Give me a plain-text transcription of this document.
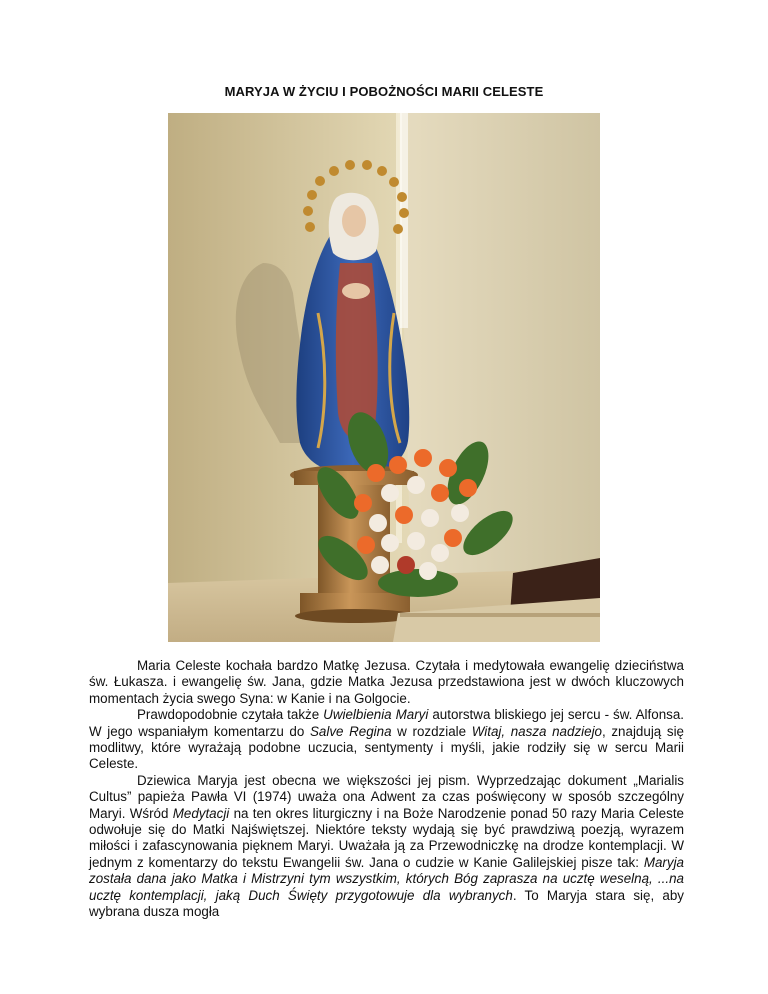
MARYJA W ŻYCIU I POBOŻNOŚCI MARII CELESTE

Maria Celeste kochała bardzo Matkę Jezusa. Czytała i medytowała ewangelię dzieciństwa św. Łukasza. i ewangelię św. Jana, gdzie Matka Jezusa przedstawiona jest w dwóch kluczowych momentach życia swego Syna: w Kanie i na Golgocie.

Prawdopodobnie czytała także Uwielbienia Maryi autorstwa bliskiego jej sercu - św. Alfonsa. W jego wspaniałym komentarzu do Salve Regina w rozdziale Witaj, nasza nadziejo, znajdują się modlitwy, które wyrażają podobne uczucia, sentymenty i myśli, jakie rodziły się w sercu Marii Celeste.

Dziewica Maryja jest obecna we większości jej pism. Wyprzedzając dokument „Marialis Cultus” papieża Pawła VI (1974) uważa ona Adwent za czas poświęcony w sposób szczególny Maryi. Wśród Medytacji na ten okres liturgiczny i na Boże Narodzenie ponad 50 razy Maria Celeste odwołuje się do Matki Najświętszej. Niektóre teksty wydają się być prawdziwą poezją, wyrazem miłości i zafascynowania pięknem Maryi. Uważała ją za Przewodniczkę na drodze kontemplacji. W jednym z komentarzy do tekstu Ewangelii św. Jana o cudzie w Kanie Galilejskiej pisze tak: Maryja została dana jako Matka i Mistrzyni tym wszystkim, których Bóg zaprasza na ucztę weselną, ...na ucztę kontemplacji, jaką Duch Święty przygotowuje dla wybranych. To Maryja stara się, aby wybrana dusza mogła
